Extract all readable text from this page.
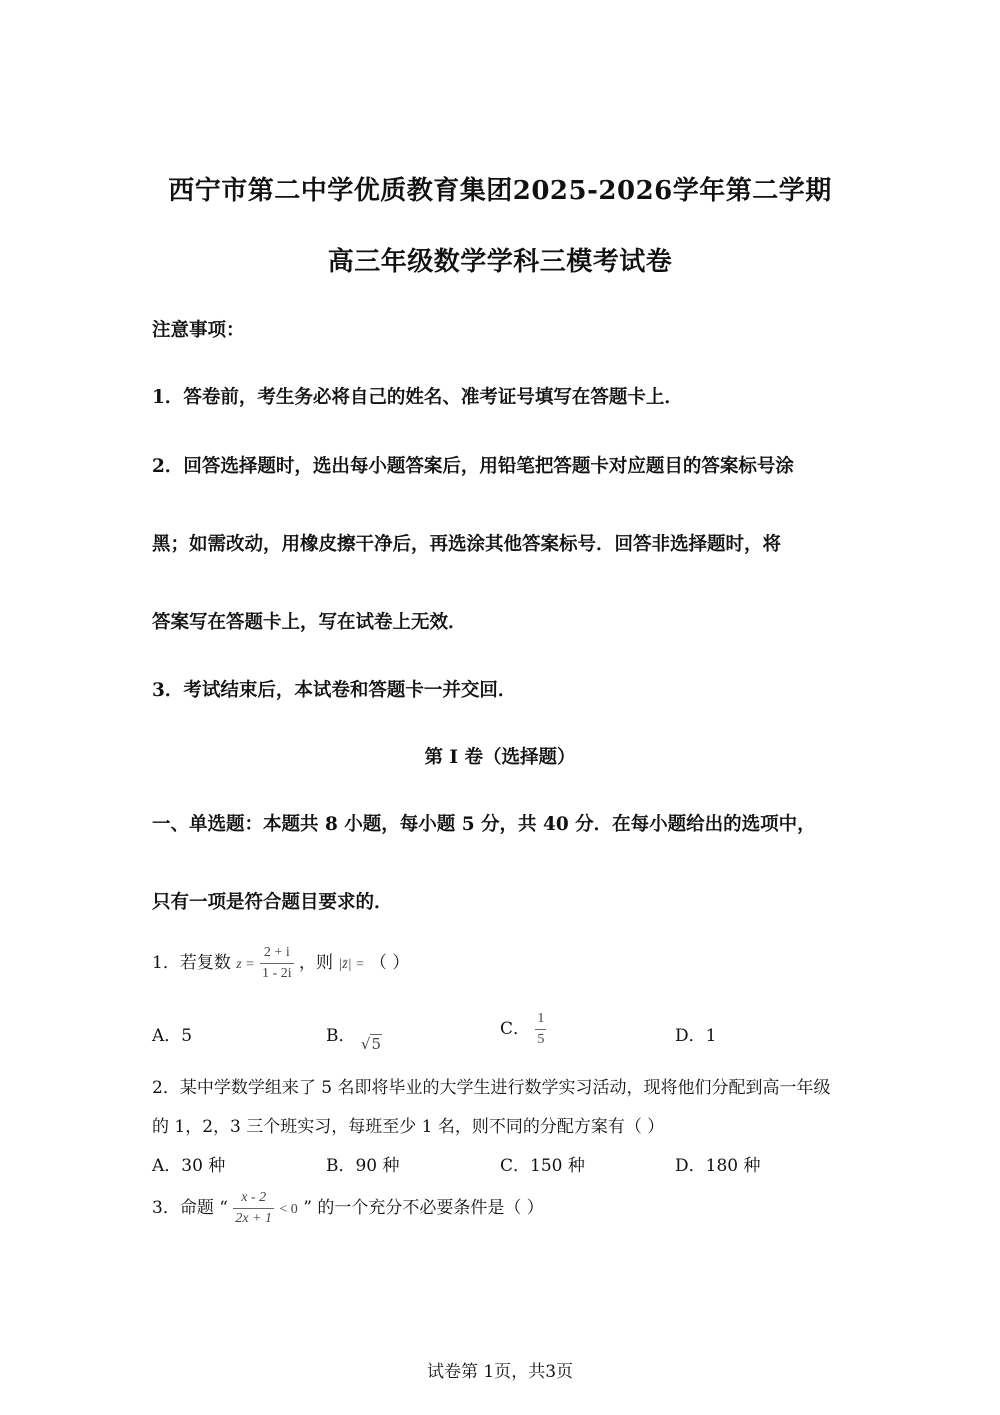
西宁市第二中学优质教育集团2025-2026学年第二学期
高三年级数学学科三模考试卷
注意事项：
1．答卷前，考生务必将自己的姓名、准考证号填写在答题卡上．
2．回答选择题时，选出每小题答案后，用铅笔把答题卡对应题目的答案标号涂
黑；如需改动，用橡皮擦干净后，再选涂其他答案标号．回答非选择题时，将
答案写在答题卡上，写在试卷上无效．
3．考试结束后，本试卷和答题卡一并交回．
第 I 卷（选择题）
一、单选题：本题共 8 小题，每小题 5 分，共 40 分．在每小题给出的选项中，
只有一项是符合题目要求的．
1．若复数 $z = \frac{2 + i}{1 - 2i}$ ，则 |z̄| = （ ）
A．5	B． √5
C． $\frac{1}{5}$	D．1
2．某中学数学组来了 5 名即将毕业的大学生进行数学实习活动，现将他们分配到高一年级
的 1，2，3 三个班实习，每班至少 1 名，则不同的分配方案有（ ）
A．30 种	B．90 种	C．150 种	D．180 种
3．命题 “ $\frac{x - 2}{2x + 1} < 0$ ” 的一个充分不必要条件是（ ）
试卷第 1页，共3页
